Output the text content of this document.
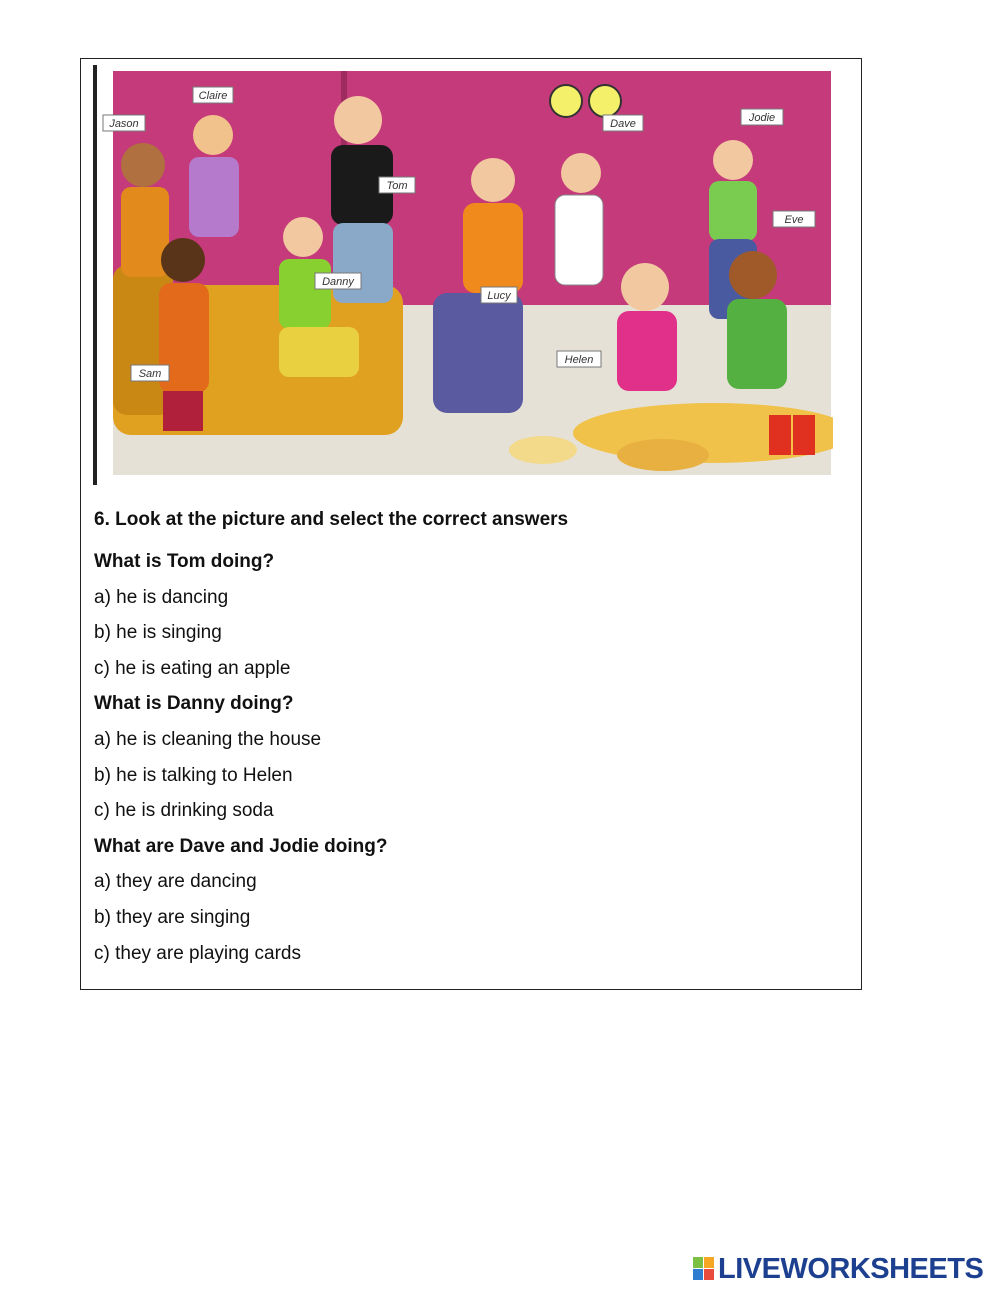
Claire
Jason
Tom
Dave	Jodie
Eve
Danny
Lucy
Sam
Helen

6. Look at the picture and select the correct answers

What is Tom doing?

a) he is dancing

b) he is singing

c) he is eating an apple

What is Danny doing?

a) he is cleaning the house

b) he is talking to Helen

c) he is drinking soda

What are Dave and Jodie doing?

a) they are dancing

b) they are singing

c) they are playing cards

LIVEWORKSHEETS
